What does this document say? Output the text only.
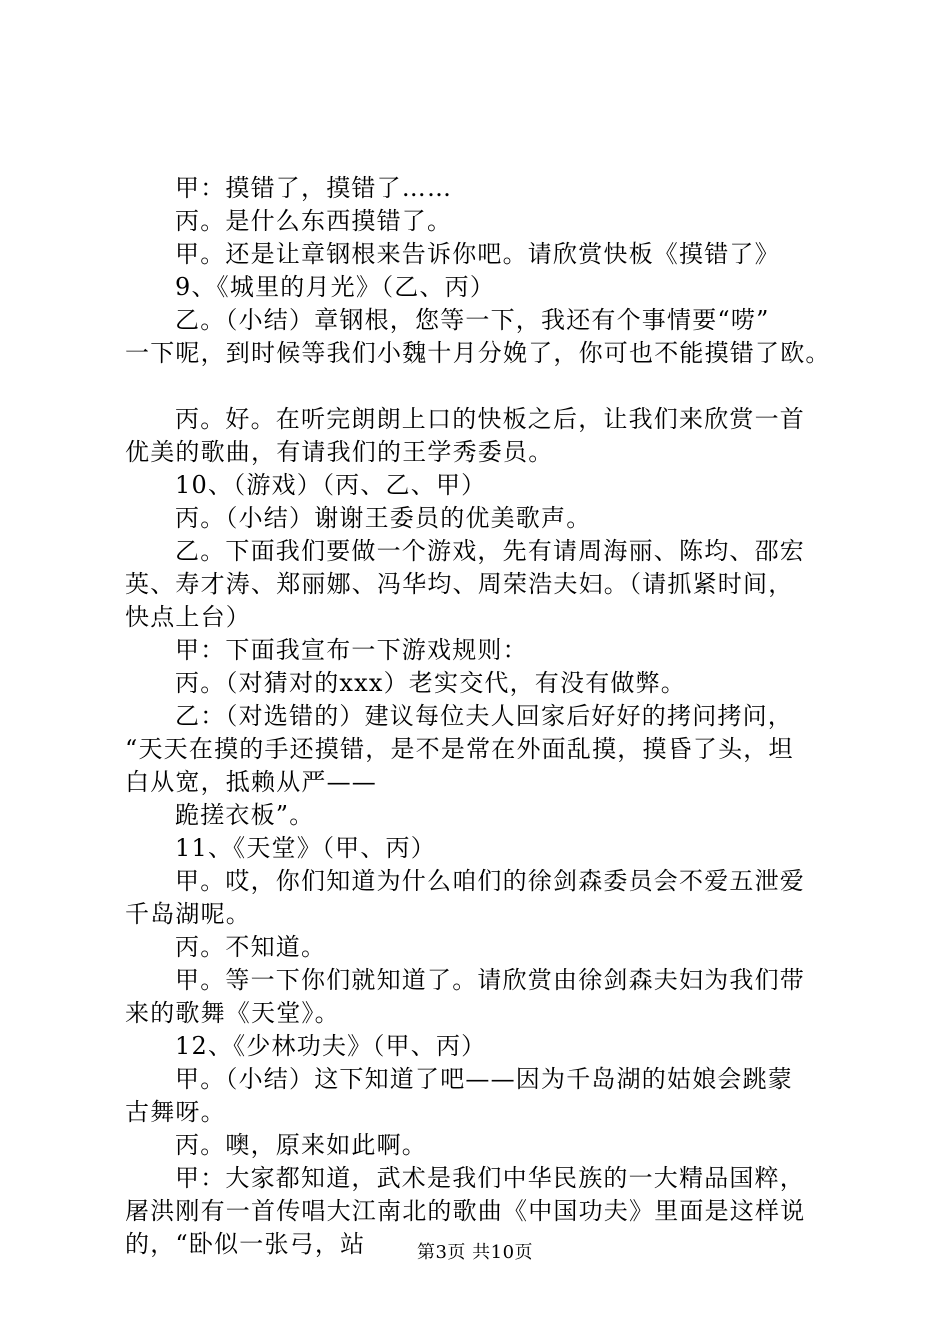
甲：摸错了，摸错了……
丙。是什么东西摸错了。
甲。还是让章钢根来告诉你吧。请欣赏快板《摸错了》
9、《城里的月光》（乙、丙）
乙。（小结）章钢根，您等一下，我还有个事情要“唠”
一下呢，到时候等我们小魏十月分娩了，你可也不能摸错了欧。
丙。好。在听完朗朗上口的快板之后，让我们来欣赏一首
优美的歌曲，有请我们的王学秀委员。
10、（游戏）（丙、乙、甲）
丙。（小结）谢谢王委员的优美歌声。
乙。下面我们要做一个游戏，先有请周海丽、陈均、邵宏
英、寿才涛、郑丽娜、冯华均、周荣浩夫妇。（请抓紧时间，
快点上台）
甲：下面我宣布一下游戏规则：
丙。（对猜对的xxx）老实交代，有没有做弊。
乙：（对选错的）建议每位夫人回家后好好的拷问拷问，
“天天在摸的手还摸错，是不是常在外面乱摸，摸昏了头，坦
白从宽，抵赖从严——
跪搓衣板”。
11、《天堂》（甲、丙）
甲。哎，你们知道为什么咱们的徐剑森委员会不爱五泄爱
千岛湖呢。
丙。不知道。
甲。等一下你们就知道了。请欣赏由徐剑森夫妇为我们带
来的歌舞《天堂》。
12、《少林功夫》（甲、丙）
甲。（小结）这下知道了吧——因为千岛湖的姑娘会跳蒙
古舞呀。
丙。噢，原来如此啊。
甲：大家都知道，武术是我们中华民族的一大精品国粹，
屠洪刚有一首传唱大江南北的歌曲《中国功夫》里面是这样说
的，“卧似一张弓，站	第3页 共10页
